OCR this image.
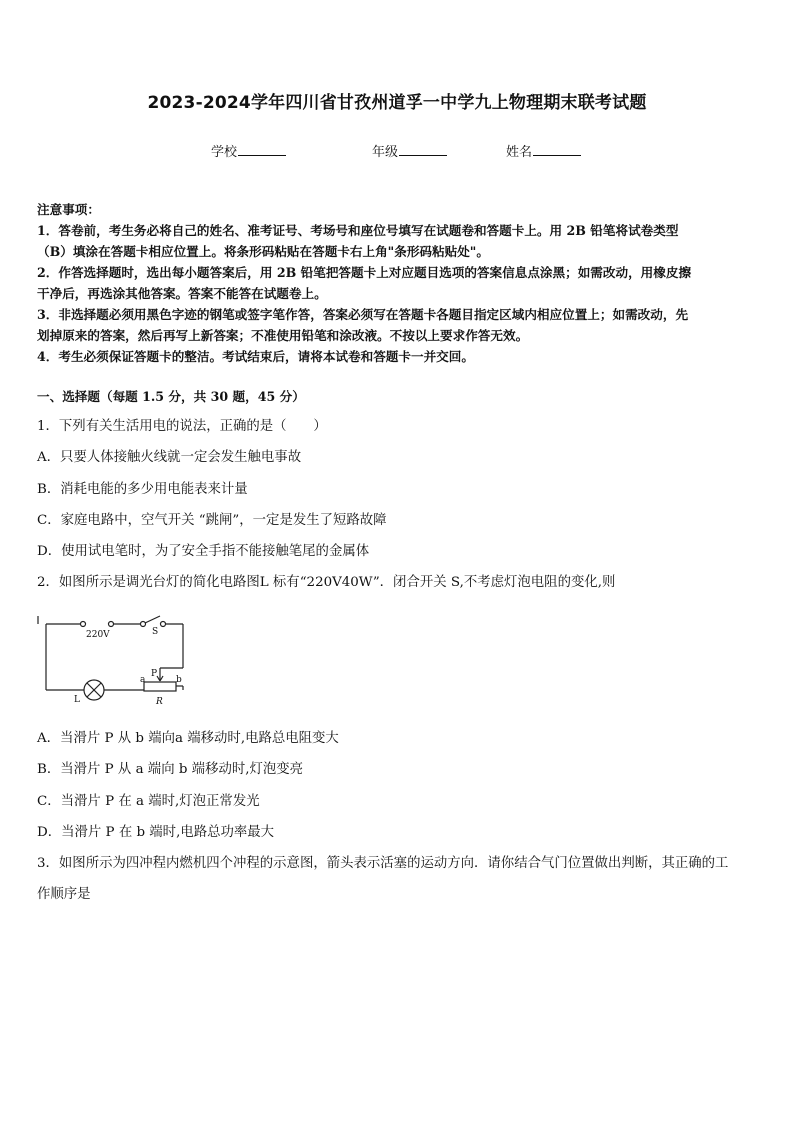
2023-2024学年四川省甘孜州道孚一中学九上物理期末联考试题
学校	年级	姓名
注意事项：
1．答卷前，考生务必将自己的姓名、准考证号、考场号和座位号填写在试题卷和答题卡上。用 2B 铅笔将试卷类型
（B）填涂在答题卡相应位置上。将条形码粘贴在答题卡右上角"条形码粘贴处"。
2．作答选择题时，选出每小题答案后，用 2B 铅笔把答题卡上对应题目选项的答案信息点涂黑；如需改动，用橡皮擦
干净后，再选涂其他答案。答案不能答在试题卷上。
3．非选择题必须用黑色字迹的钢笔或签字笔作答，答案必须写在答题卡各题目指定区域内相应位置上；如需改动，先
划掉原来的答案，然后再写上新答案；不准使用铅笔和涂改液。不按以上要求作答无效。
4．考生必须保证答题卡的整洁。考试结束后，请将本试卷和答题卡一并交回。
一、选择题（每题 1.5 分，共 30 题，45 分）
1．下列有关生活用电的说法，正确的是（　　）
A．只要人体接触火线就一定会发生触电事故
B．消耗电能的多少用电能表来计量
C．家庭电路中，空气开关 “跳闸”，一定是发生了短路故障
D．使用试电笔时，为了安全手指不能接触笔尾的金属体
2．如图所示是调光台灯的简化电路图L 标有“220V40W”．闭合开关 S,不考虑灯泡电阻的变化,则
220V	S
P
a	b
L	R
A．当滑片 P 从 b 端向a 端移动时,电路总电阻变大
B．当滑片 P 从 a 端向 b 端移动时,灯泡变亮
C．当滑片 P 在 a 端时,灯泡正常发光
D．当滑片 P 在 b 端时,电路总功率最大
3．如图所示为四冲程内燃机四个冲程的示意图，箭头表示活塞的运动方向．请你结合气门位置做出判断，其正确的工
作顺序是
